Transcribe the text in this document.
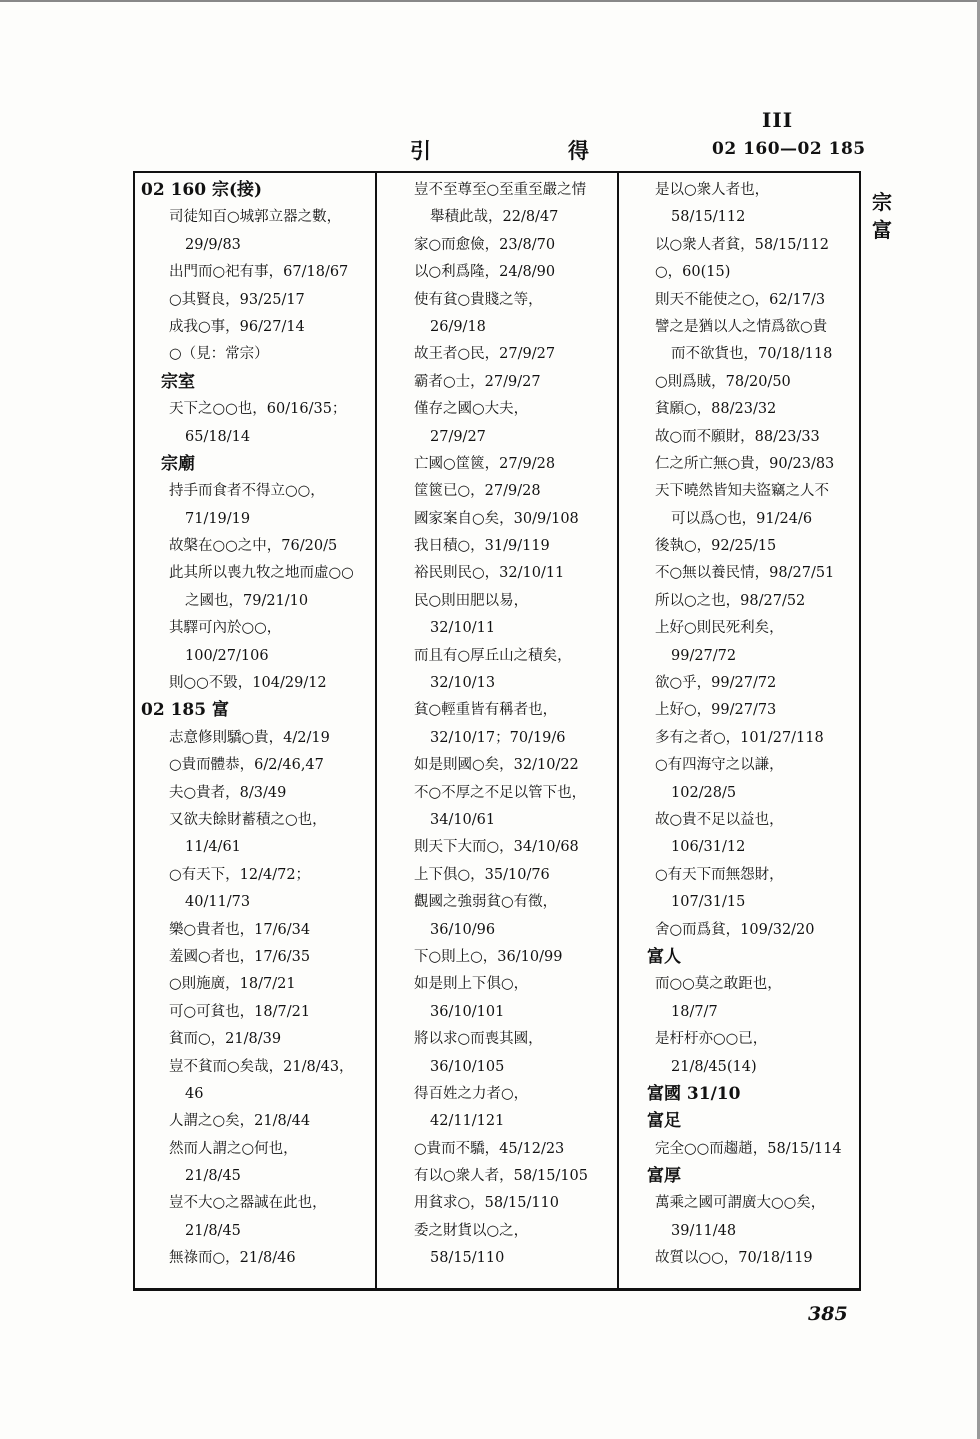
III
引	得	02 160—02 185
02 160 宗(接)
司徒知百○城郭立器之數，
29/9/83
出門而○祀有事，67/18/67
○其賢良，93/25/17
成我○事，96/27/14
○（見：常宗）
宗室
天下之○○也，60/16/35；
65/18/14
宗廟
持手而食者不得立○○，
71/19/19
故槃在○○之中，76/20/5
此其所以喪九牧之地而虛○○
之國也，79/21/10
其驛可內於○○，
100/27/106
則○○不毀，104/29/12
02 185 富
志意修則驕○貴，4/2/19
○貴而體恭，6/2/46,47
夫○貴者，8/3/49
又欲夫餘財蓄積之○也，
11/4/61
○有天下，12/4/72；
40/11/73
樂○貴者也，17/6/34
羞國○者也，17/6/35
○則施廣，18/7/21
可○可貧也，18/7/21
貧而○，21/8/39
豈不貧而○矣哉，21/8/43，
46
人謂之○矣，21/8/44
然而人謂之○何也，
21/8/45
豈不大○之器誠在此也，
21/8/45
無祿而○，21/8/46
豈不至尊至○至重至嚴之情
舉積此哉，22/8/47
家○而愈儉，23/8/70
以○利爲隆，24/8/90
使有貧○貴賤之等，
26/9/18
故王者○民，27/9/27
霸者○士，27/9/27
僅存之國○大夫，
27/9/27
亡國○筐篋，27/9/28
筐篋已○，27/9/28
國家案自○矣，30/9/108
我日積○，31/9/119
裕民則民○，32/10/11
民○則田肥以易，
32/10/11
而且有○厚丘山之積矣，
32/10/13
貧○輕重皆有稱者也，
32/10/17；70/19/6
如是則國○矣，32/10/22
不○不厚之不足以管下也，
34/10/61
則天下大而○，34/10/68
上下俱○，35/10/76
觀國之強弱貧○有徵，
36/10/96
下○則上○，36/10/99
如是則上下俱○，
36/10/101
將以求○而喪其國，
36/10/105
得百姓之力者○，
42/11/121
○貴而不驕，45/12/23
有以○衆人者，58/15/105
用貧求○，58/15/110
委之財貨以○之，
58/15/110
是以○衆人者也，
58/15/112
以○衆人者貧，58/15/112
○，60(15)
則天不能使之○，62/17/3
譬之是猶以人之情爲欲○貴
而不欲貨也，70/18/118
○則爲賊，78/20/50
貧願○，88/23/32
故○而不願財，88/23/33
仁之所亡無○貴，90/23/83
天下曉然皆知夫盜竊之人不
可以爲○也，91/24/6
後執○，92/25/15
不○無以養民情，98/27/51
所以○之也，98/27/52
上好○則民死利矣，
99/27/72
欲○乎，99/27/72
上好○，99/27/73
多有之者○，101/27/118
○有四海守之以謙，
102/28/5
故○貴不足以益也，
106/31/12
○有天下而無怨財，
107/31/15
舍○而爲貧，109/32/20
富人
而○○莫之敢距也，
18/7/7
是杅杅亦○○已，
21/8/45(14)
富國 31/10
富足
完全○○而趨趙，58/15/114
富厚
萬乘之國可謂廣大○○矣，
39/11/48
故質以○○，70/18/119
宗
富
385
